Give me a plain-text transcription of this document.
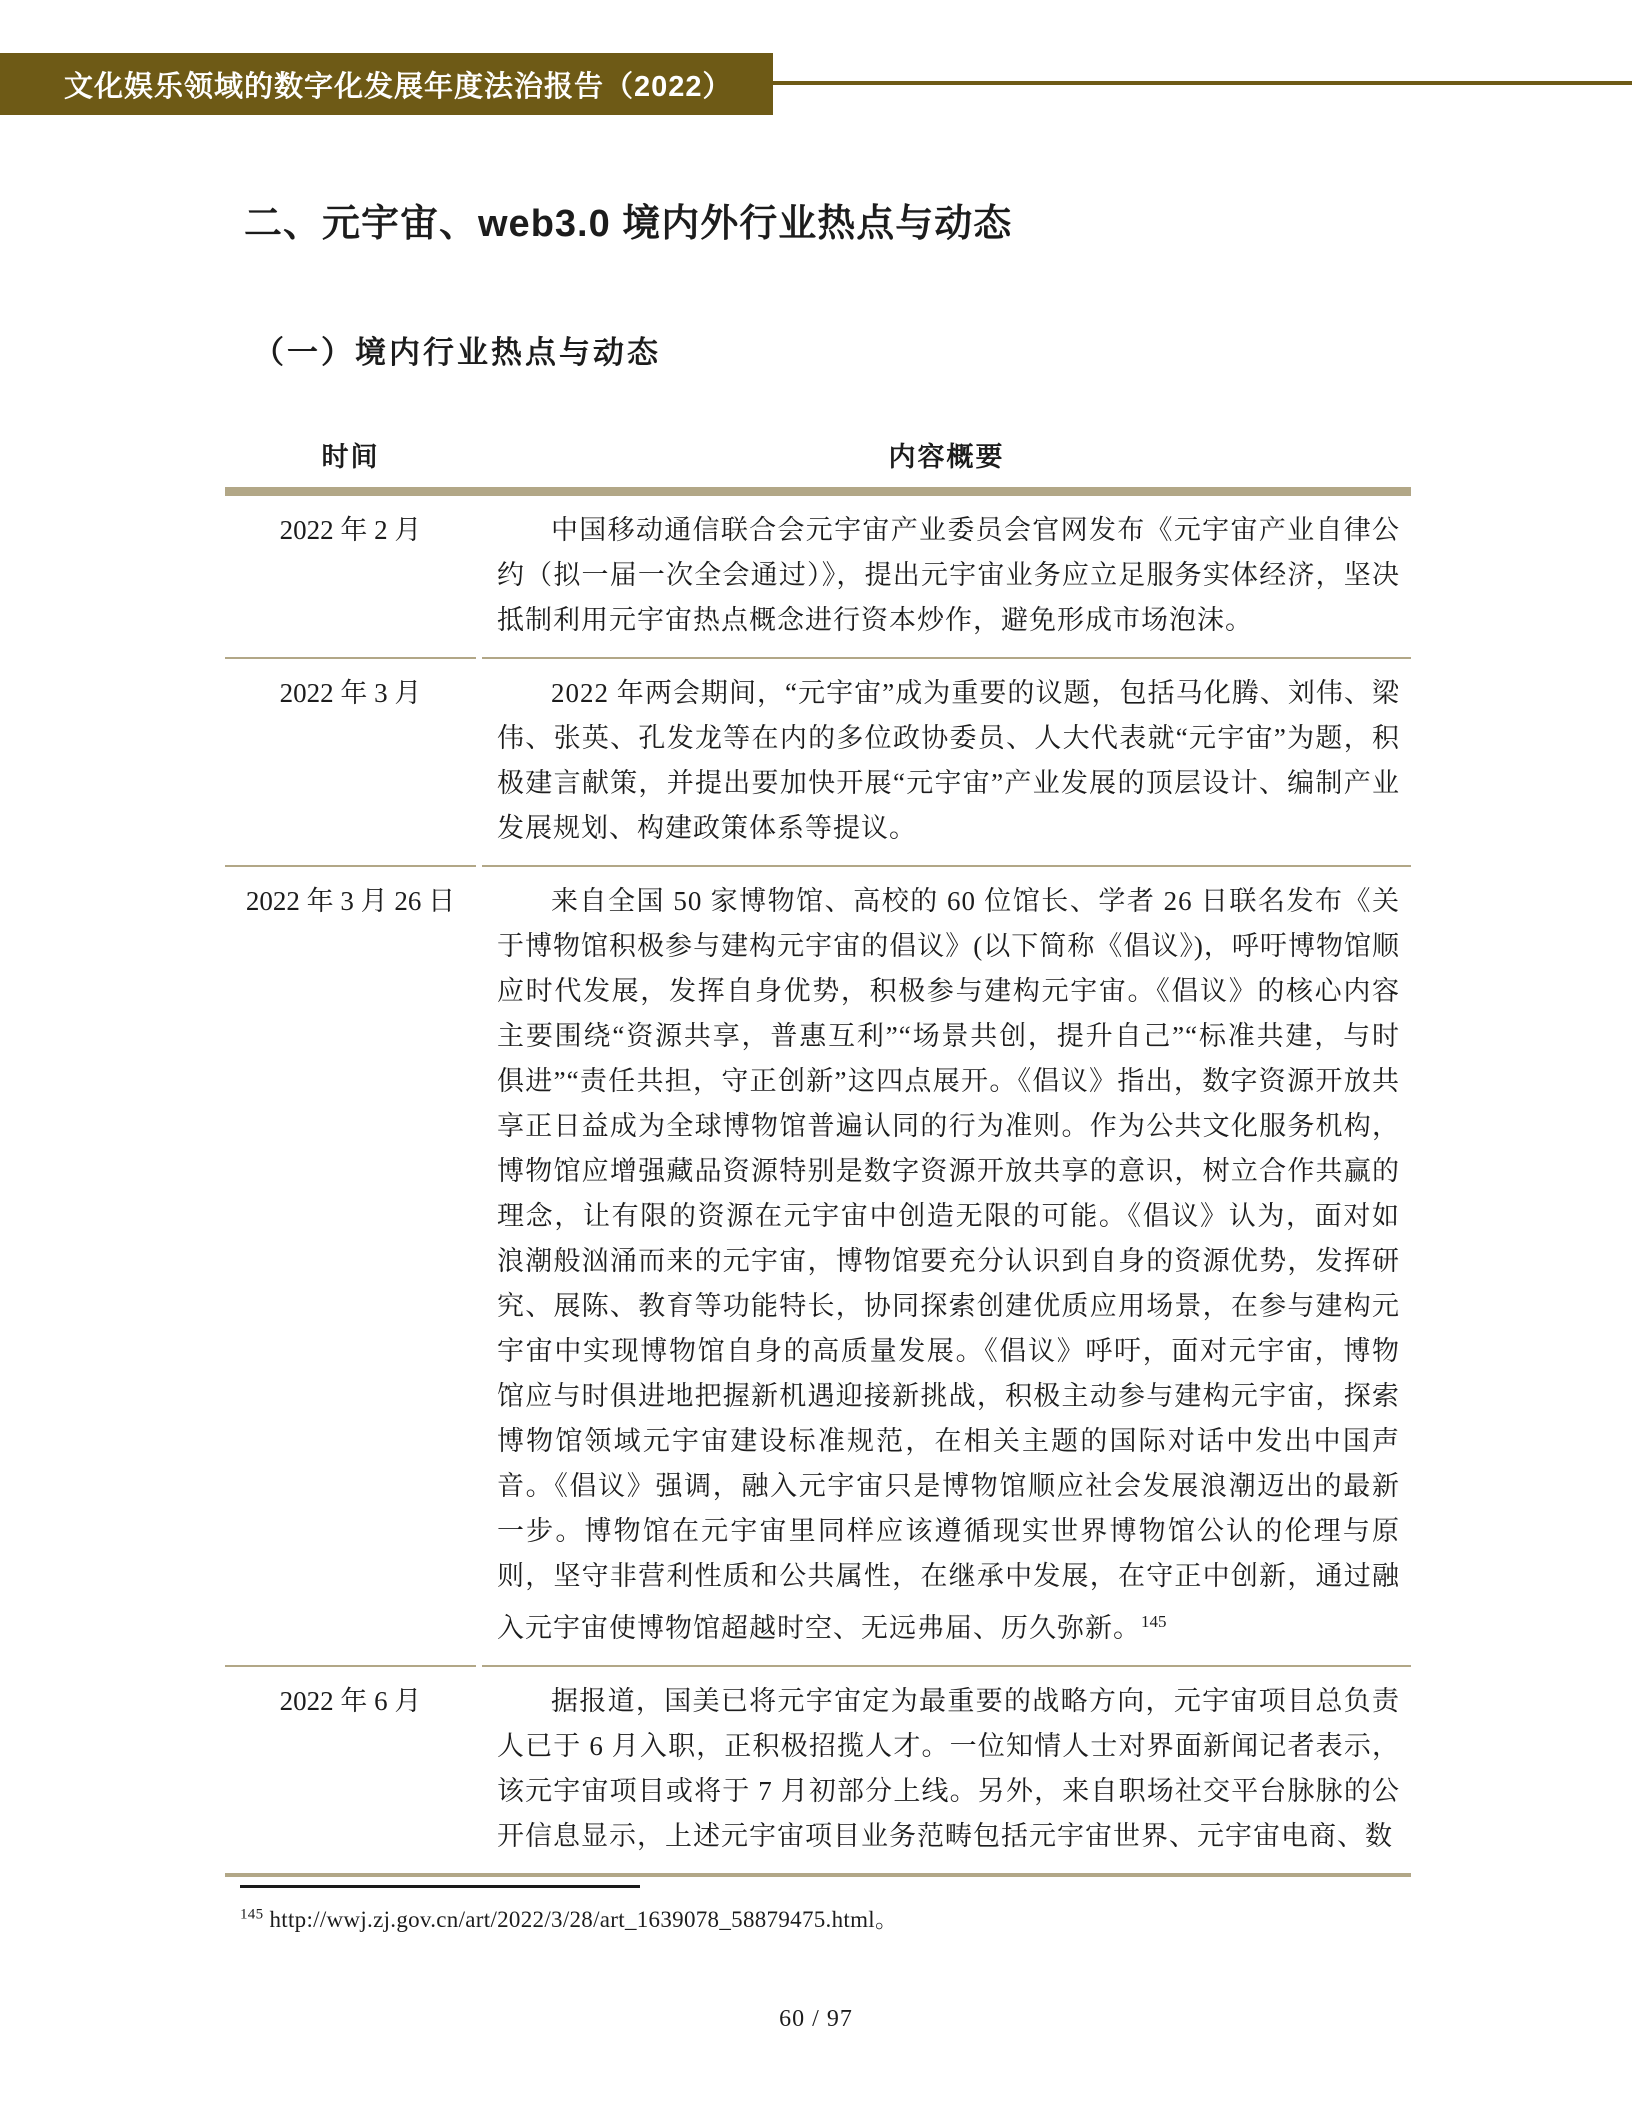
文化娱乐领域的数字化发展年度法治报告（2022）
二、元宇宙、web3.0 境内外行业热点与动态
（一）境内行业热点与动态
时间	内容概要
2022 年 2 月	中国移动通信联合会元宇宙产业委员会官网发布《元宇宙产业自律公约（拟一届一次全会通过）》，提出元宇宙业务应立足服务实体经济，坚决抵制利用元宇宙热点概念进行资本炒作，避免形成市场泡沫。
2022 年 3 月	2022 年两会期间，“元宇宙”成为重要的议题，包括马化腾、刘伟、梁伟、张英、孔发龙等在内的多位政协委员、人大代表就“元宇宙”为题，积极建言献策，并提出要加快开展“元宇宙”产业发展的顶层设计、编制产业发展规划、构建政策体系等提议。
2022 年 3 月 26 日	来自全国 50 家博物馆、高校的 60 位馆长、学者 26 日联名发布《关于博物馆积极参与建构元宇宙的倡议》(以下简称《倡议》)，呼吁博物馆顺应时代发展，发挥自身优势，积极参与建构元宇宙。《倡议》的核心内容主要围绕“资源共享，普惠互利”“场景共创，提升自己”“标准共建，与时俱进”“责任共担，守正创新”这四点展开。《倡议》指出，数字资源开放共享正日益成为全球博物馆普遍认同的行为准则。作为公共文化服务机构，博物馆应增强藏品资源特别是数字资源开放共享的意识，树立合作共赢的理念，让有限的资源在元宇宙中创造无限的可能。《倡议》认为，面对如浪潮般汹涌而来的元宇宙，博物馆要充分认识到自身的资源优势，发挥研究、展陈、教育等功能特长，协同探索创建优质应用场景，在参与建构元宇宙中实现博物馆自身的高质量发展。《倡议》呼吁，面对元宇宙，博物馆应与时俱进地把握新机遇迎接新挑战，积极主动参与建构元宇宙，探索博物馆领域元宇宙建设标准规范，在相关主题的国际对话中发出中国声音。《倡议》强调，融入元宇宙只是博物馆顺应社会发展浪潮迈出的最新一步。博物馆在元宇宙里同样应该遵循现实世界博物馆公认的伦理与原则，坚守非营利性质和公共属性，在继承中发展，在守正中创新，通过融入元宇宙使博物馆超越时空、无远弗届、历久弥新。$^{145}$
2022 年 6 月	据报道，国美已将元宇宙定为最重要的战略方向，元宇宙项目总负责人已于 6 月入职，正积极招揽人才。一位知情人士对界面新闻记者表示，该元宇宙项目或将于 7 月初部分上线。另外，来自职场社交平台脉脉的公开信息显示，上述元宇宙项目业务范畴包括元宇宙世界、元宇宙电商、数
$^{145}$ http://wwj.zj.gov.cn/art/2022/3/28/art_1639078_58879475.html。
60 / 97
